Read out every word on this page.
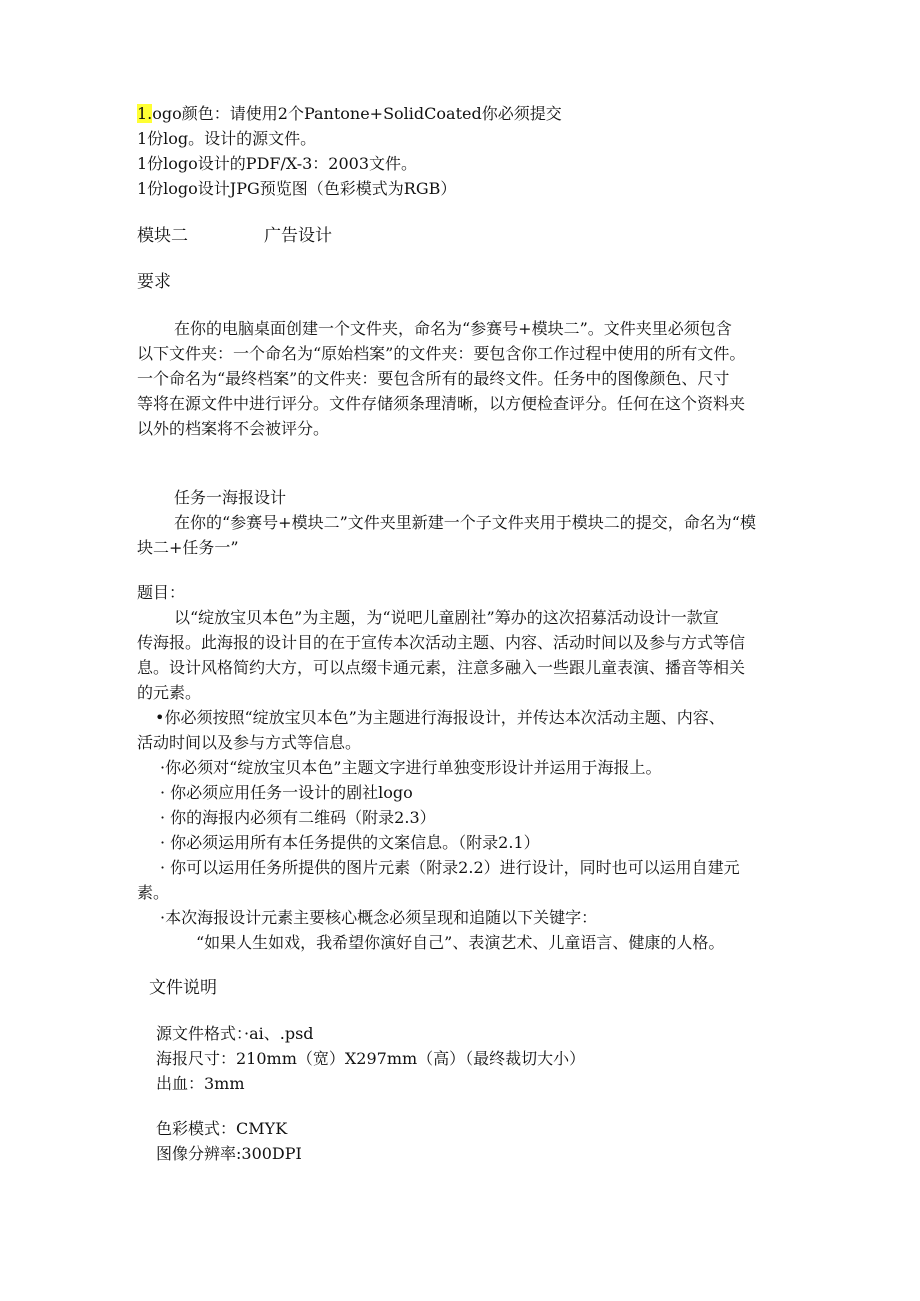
1.ogo颜色：请使用2个Pantone+SolidCoated你必须提交
1份log。设计的源文件。
1份logo设计的PDF/X-3：2003文件。
1份logo设计JPG预览图（色彩模式为RGB）
模块二	广告设计
要求
在你的电脑桌面创建一个文件夹，命名为“参赛号+模块二”。文件夹里必须包含
以下文件夹：一个命名为“原始档案”的文件夹：要包含你工作过程中使用的所有文件。
一个命名为“最终档案”的文件夹：要包含所有的最终文件。任务中的图像颜色、尺寸
等将在源文件中进行评分。文件存储须条理清晰，以方便检查评分。任何在这个资料夹
以外的档案将不会被评分。
任务一海报设计
在你的“参赛号+模块二”文件夹里新建一个子文件夹用于模块二的提交，命名为“模
块二+任务一”
题目：
以“绽放宝贝本色”为主题，为“说吧儿童剧社”筹办的这次招募活动设计一款宣
传海报。此海报的设计目的在于宣传本次活动主题、内容、活动时间以及参与方式等信
息。设计风格简约大方，可以点缀卡通元素，注意多融入一些跟儿童表演、播音等相关
的元素。
•你必须按照“绽放宝贝本色”为主题进行海报设计，并传达本次活动主题、内容、
活动时间以及参与方式等信息。
·你必须对“绽放宝贝本色”主题文字进行单独变形设计并运用于海报上。
· 你必须应用任务一设计的剧社logo
· 你的海报内必须有二维码（附录2.3）
· 你必须运用所有本任务提供的文案信息。（附录2.1）
· 你可以运用任务所提供的图片元素（附录2.2）进行设计，同时也可以运用自建元
素。
·本次海报设计元素主要核心概念必须呈现和追随以下关键字：
“如果人生如戏，我希望你演好自己”、表演艺术、儿童语言、健康的人格。
文件说明
源文件格式：·ai、.psd
海报尺寸：210mm（宽）X297mm（高）（最终裁切大小）
出血：3mm
色彩模式：CMYK
图像分辨率:300DPI
